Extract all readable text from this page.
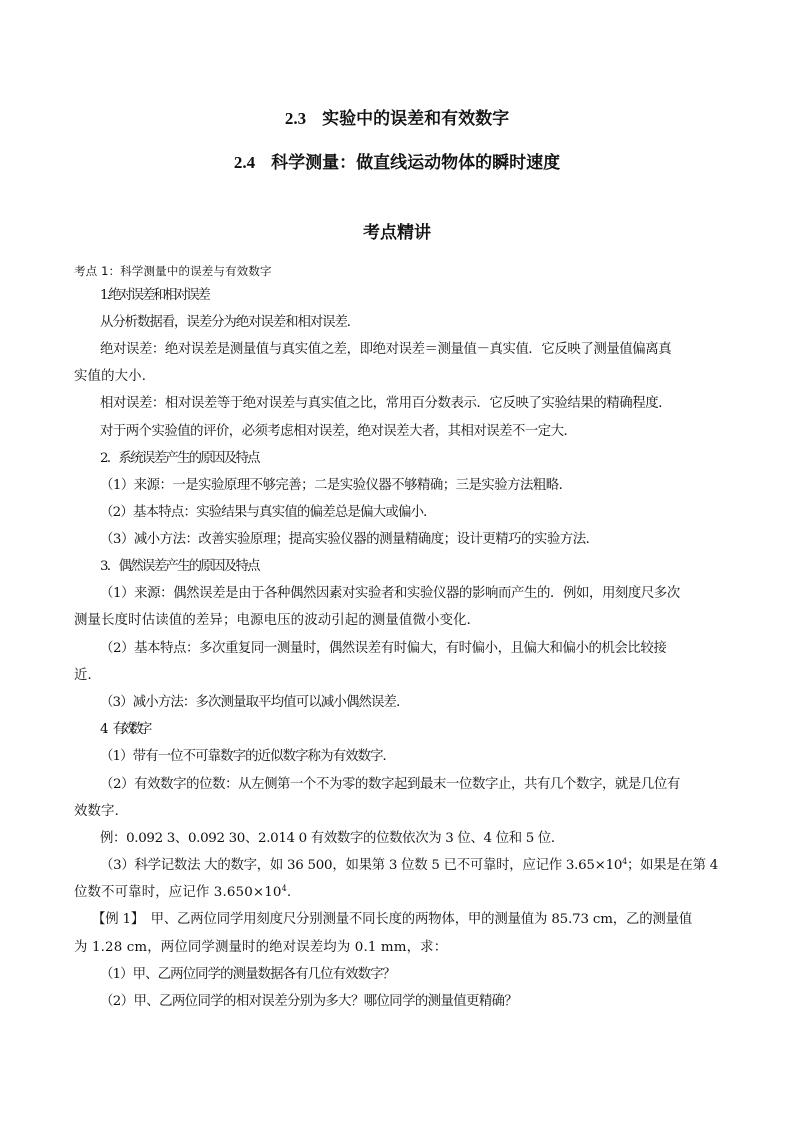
2.3 实验中的误差和有效数字
2.4 科学测量：做直线运动物体的瞬时速度
考点精讲
考点 1：科学测量中的误差与有效数字
1.绝对误差和相对误差
从分析数据看，误差分为绝对误差和相对误差．
绝对误差：绝对误差是测量值与真实值之差，即绝对误差＝测量值－真实值．它反映了测量值偏离真
实值的大小．
相对误差：相对误差等于绝对误差与真实值之比，常用百分数表示．它反映了实验结果的精确程度．
对于两个实验值的评价，必须考虑相对误差，绝对误差大者，其相对误差不一定大．
2．系统误差产生的原因及特点
（1）来源：一是实验原理不够完善；二是实验仪器不够精确；三是实验方法粗略．
（2）基本特点：实验结果与真实值的偏差总是偏大或偏小．
（3）减小方法：改善实验原理；提高实验仪器的测量精确度；设计更精巧的实验方法．
3．偶然误差产生的原因及特点
（1）来源：偶然误差是由于各种偶然因素对实验者和实验仪器的影响而产生的．例如，用刻度尺多次
测量长度时估读值的差异；电源电压的波动引起的测量值微小变化．
（2）基本特点：多次重复同一测量时，偶然误差有时偏大，有时偏小，且偏大和偏小的机会比较接
近．
（3）减小方法：多次测量取平均值可以减小偶然误差．
4．有效数字
（1）带有一位不可靠数字的近似数字称为有效数字．
（2）有效数字的位数：从左侧第一个不为零的数字起到最末一位数字止，共有几个数字，就是几位有
效数字．
例：0.092 3、0.092 30、2.014 0 有效数字的位数依次为 3 位、4 位和 5 位．
（3）科学记数法 大的数字，如 36 500，如果第 3 位数 5 已不可靠时，应记作 $3.65\times 10^4$；如果是在第 4
位数不可靠时，应记作 $3.650\times 10^4$.
【例 1】　甲、乙两位同学用刻度尺分别测量不同长度的两物体，甲的测量值为 85.73 cm，乙的测量值
为 1.28 cm，两位同学测量时的绝对误差均为 0.1 mm，求：
（1）甲、乙两位同学的测量数据各有几位有效数字？
（2）甲、乙两位同学的相对误差分别为多大？哪位同学的测量值更精确？
